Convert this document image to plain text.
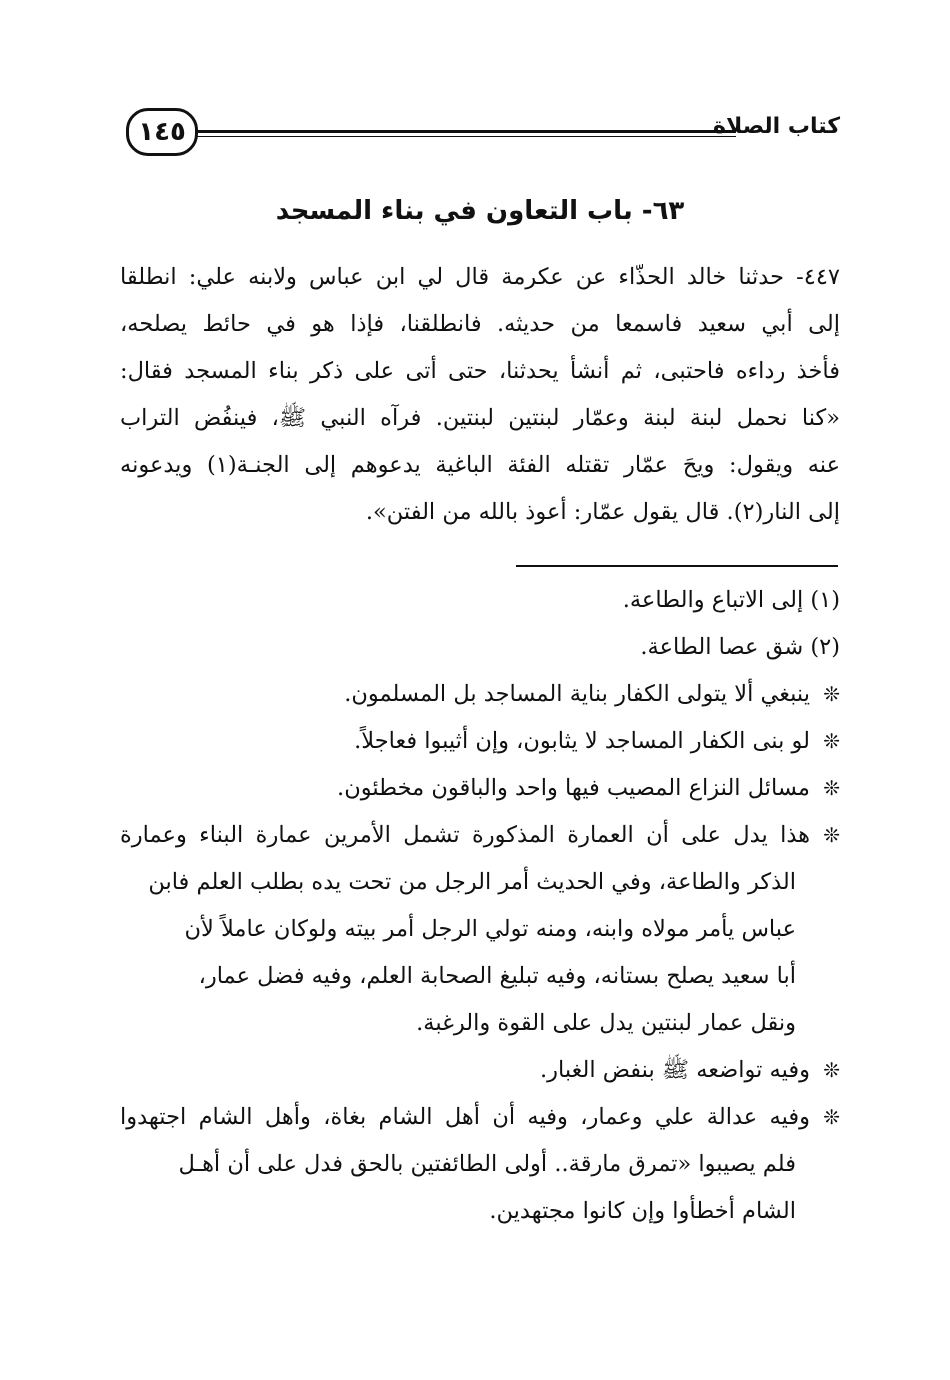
كتاب الصلاة
١٤٥
٦٣- باب التعاون في بناء المسجد
٤٤٧- حدثنا خالد الحذّاء عن عكرمة قال لي ابن عباس ولابنه علي: انطلقا
إلى أبي سعيد فاسمعا من حديثه. فانطلقنا، فإذا هو في حائط يصلحه،
فأخذ رداءه فاحتبى، ثم أنشأ يحدثنا، حتى أتى على ذكر بناء المسجد فقال:
«كنا نحمل لبنة لبنة وعمّار لبنتين لبنتين. فرآه النبي ﷺ، فينفُض التراب
عنه ويقول: ويحَ عمّار تقتله الفئة الباغية يدعوهم إلى الجنـة(١) ويدعونه
إلى النار(٢). قال يقول عمّار: أعوذ بالله من الفتن».
(١) إلى الاتباع والطاعة.
(٢) شق عصا الطاعة.
❊ينبغي ألا يتولى الكفار بناية المساجد بل المسلمون.
❊لو بنى الكفار المساجد لا يثابون، وإن أثيبوا فعاجلاً.
❊مسائل النزاع المصيب فيها واحد والباقون مخطئون.
❊هذا يدل على أن العمارة المذكورة تشمل الأمرين عمارة البناء وعمارة
الذكر والطاعة، وفي الحديث أمر الرجل من تحت يده بطلب العلم فابن
عباس يأمر مولاه وابنه، ومنه تولي الرجل أمر بيته ولوكان عاملاً لأن
أبا سعيد يصلح بستانه، وفيه تبليغ الصحابة العلم، وفيه فضل عمار،
ونقل عمار لبنتين يدل على القوة والرغبة.
❊وفيه تواضعه ﷺ بنفض الغبار.
❊وفيه عدالة علي وعمار، وفيه أن أهل الشام بغاة، وأهل الشام اجتهدوا
فلم يصيبوا «تمرق مارقة.. أولى الطائفتين بالحق فدل على أن أهـل
الشام أخطأوا وإن كانوا مجتهدين.
